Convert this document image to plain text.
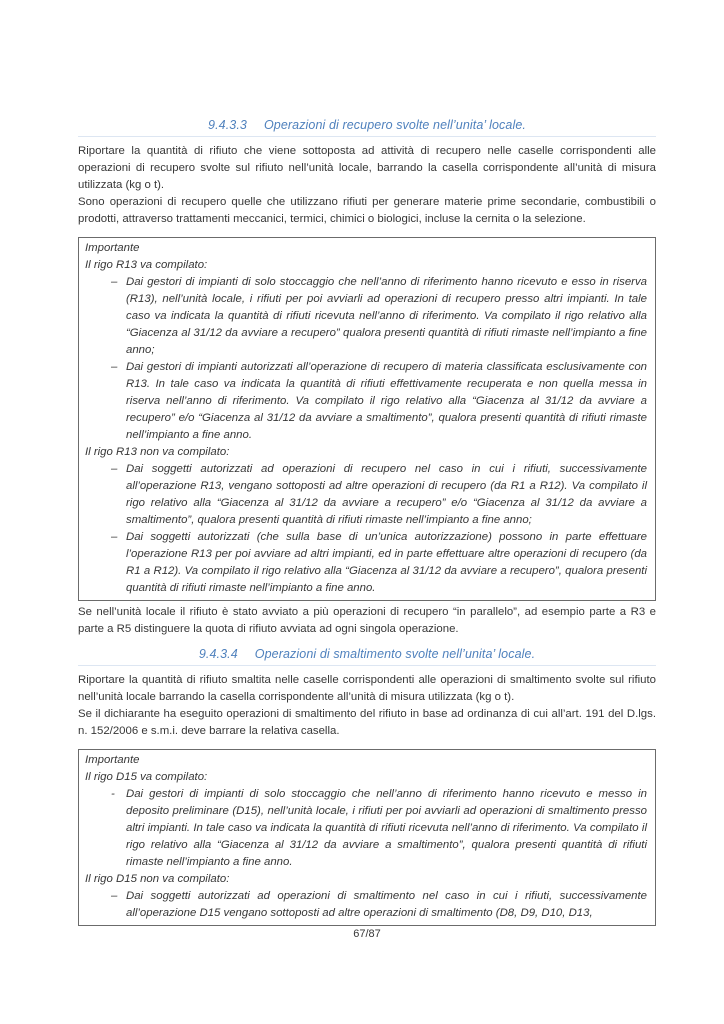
9.4.3.3 Operazioni di recupero svolte nell’unita’ locale.

Riportare la quantità di rifiuto che viene sottoposta ad attività di recupero nelle caselle corrispondenti alle operazioni di recupero svolte sul rifiuto nell’unità locale, barrando la casella corrispondente all’unità di misura utilizzata (kg o t).

Sono operazioni di recupero quelle che utilizzano rifiuti per generare materie prime secondarie, combustibili o prodotti, attraverso trattamenti meccanici, termici, chimici o biologici, incluse la cernita o la selezione.

Importante
Il rigo R13 va compilato:
– Dai gestori di impianti di solo stoccaggio che nell’anno di riferimento hanno ricevuto e esso in riserva (R13), nell’unità locale, i rifiuti per poi avviarli ad operazioni di recupero presso altri impianti. In tale caso va indicata la quantità di rifiuti ricevuta nell’anno di riferimento. Va compilato il rigo relativo alla “Giacenza al 31/12 da avviare a recupero” qualora presenti quantità di rifiuti rimaste nell’impianto a fine anno;
– Dai gestori di impianti autorizzati all’operazione di recupero di materia classificata esclusivamente con R13. In tale caso va indicata la quantità di rifiuti effettivamente recuperata e non quella messa in riserva nell’anno di riferimento. Va compilato il rigo relativo alla “Giacenza al 31/12 da avviare a recupero” e/o “Giacenza al 31/12 da avviare a smaltimento”, qualora presenti quantità di rifiuti rimaste nell’impianto a fine anno.
Il rigo R13 non va compilato:
– Dai soggetti autorizzati ad operazioni di recupero nel caso in cui i rifiuti, successivamente all’operazione R13, vengano sottoposti ad altre operazioni di recupero (da R1 a R12). Va compilato il rigo relativo alla “Giacenza al 31/12 da avviare a recupero” e/o “Giacenza al 31/12 da avviare a smaltimento”, qualora presenti quantità di rifiuti rimaste nell’impianto a fine anno;
– Dai soggetti autorizzati (che sulla base di un’unica autorizzazione) possono in parte effettuare l’operazione R13 per poi avviare ad altri impianti, ed in parte effettuare altre operazioni di recupero (da R1 a R12). Va compilato il rigo relativo alla “Giacenza al 31/12 da avviare a recupero”, qualora presenti quantità di rifiuti rimaste nell’impianto a fine anno.

Se nell’unità locale il rifiuto è stato avviato a più operazioni di recupero “in parallelo”, ad esempio parte a R3 e parte a R5 distinguere la quota di rifiuto avviata ad ogni singola operazione.

9.4.3.4 Operazioni di smaltimento svolte nell’unita’ locale.

Riportare la quantità di rifiuto smaltita nelle caselle corrispondenti alle operazioni di smaltimento svolte sul rifiuto nell’unità locale barrando la casella corrispondente all’unità di misura utilizzata (kg o t).

Se il dichiarante ha eseguito operazioni di smaltimento del rifiuto in base ad ordinanza di cui all’art. 191 del D.lgs. n. 152/2006 e s.m.i. deve barrare la relativa casella.

Importante
Il rigo D15 va compilato:
- Dai gestori di impianti di solo stoccaggio che nell’anno di riferimento hanno ricevuto e messo in deposito preliminare (D15), nell’unità locale, i rifiuti per poi avviarli ad operazioni di smaltimento presso altri impianti. In tale caso va indicata la quantità di rifiuti ricevuta nell’anno di riferimento. Va compilato il rigo relativo alla “Giacenza al 31/12 da avviare a smaltimento”, qualora presenti quantità di rifiuti rimaste nell’impianto a fine anno.
Il rigo D15 non va compilato:
– Dai soggetti autorizzati ad operazioni di smaltimento nel caso in cui i rifiuti, successivamente all’operazione D15 vengano sottoposti ad altre operazioni di smaltimento (D8, D9, D10, D13,
67/87
